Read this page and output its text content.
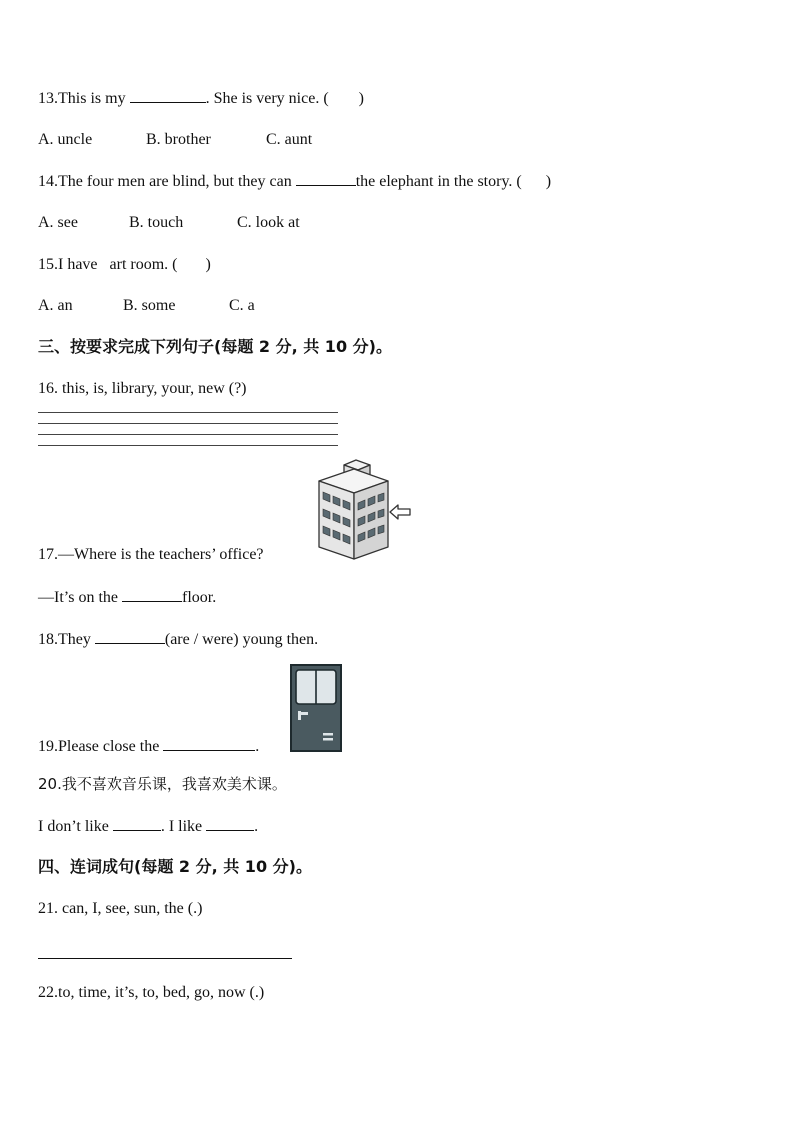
13.This is my	. She is very nice. ( )
A. uncle	B. brother	C. aunt
14.The four men are blind, but they can	the elephant in the story. ( )
A. see	B. touch	C. look at
15.I have   art room. ( )
A. an	B. some	C. a
三、按要求完成下列句子(每题 2 分, 共 10 分)。
16. this, is, library, your, new (?)
17.—Where is the teachers’ office?
—It’s on the	floor.
18.They	(are / were) young then.
19.Please close the	.
20.我不喜欢音乐课，我喜欢美术课。
I don’t like	. I like	.
四、连词成句(每题 2 分, 共 10 分)。
21. can, I, see, sun, the (.)
22.to, time, it’s, to, bed, go, now (.)
